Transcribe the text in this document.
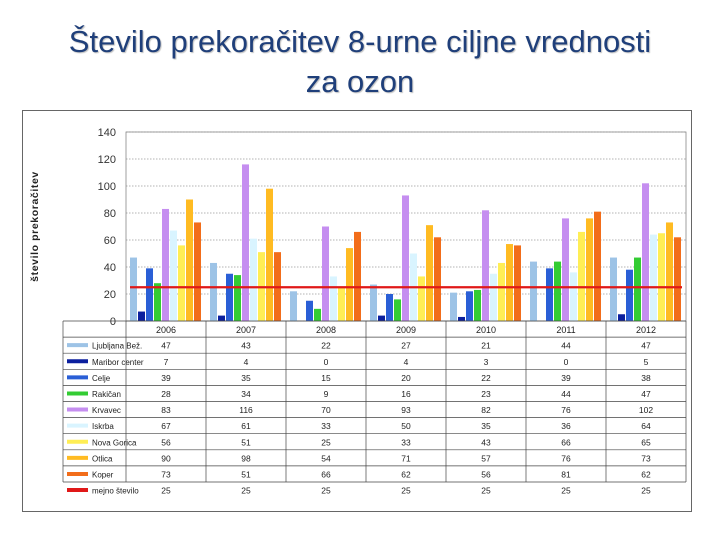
Število prekoračitev 8-urne ciljne vrednosti
za ozon
0
20
40
60
80
100
120
140
število prekoračitev
2006	2007	2008	2009	2010	2011	2012
Ljubljana Bež. 47	43	22	27	21	44	47
Maribor center 7	4	0	4	3	0	5
Celje	39	35	15	20	22	39	38
Rakičan	28	34	9	16	23	44	47
Krvavec	83	116	70	93	82	76	102
Iskrba	67	61	33	50	35	36	64
Nova Gorica	56	51	25	33	43	66	65
Otlica	90	98	54	71	57	76	73
Koper	73	51	66	62	56	81	62
mejno število	25	25	25	25	25	25	25
